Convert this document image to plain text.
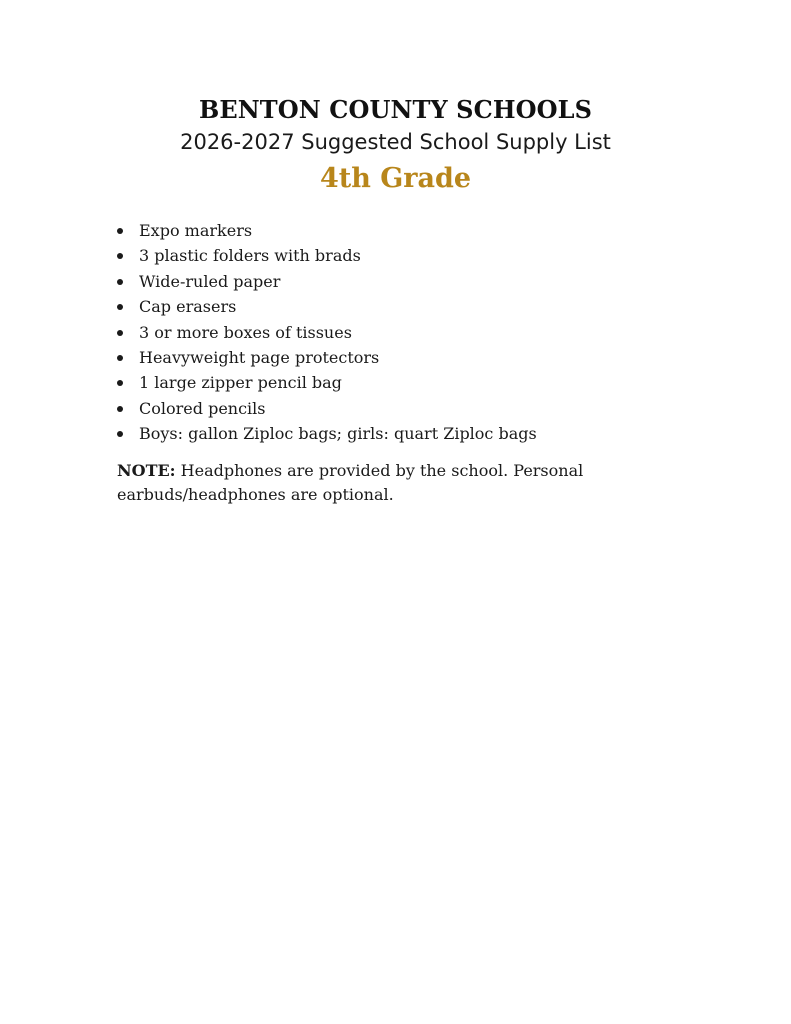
BENTON COUNTY SCHOOLS

2026-2027 Suggested School Supply List

4th Grade

Expo markers
3 plastic folders with brads
Wide-ruled paper
Cap erasers
3 or more boxes of tissues
Heavyweight page protectors
1 large zipper pencil bag
Colored pencils
Boys: gallon Ziploc bags; girls: quart Ziploc bags

NOTE: Headphones are provided by the school. Personal earbuds/headphones are optional.
